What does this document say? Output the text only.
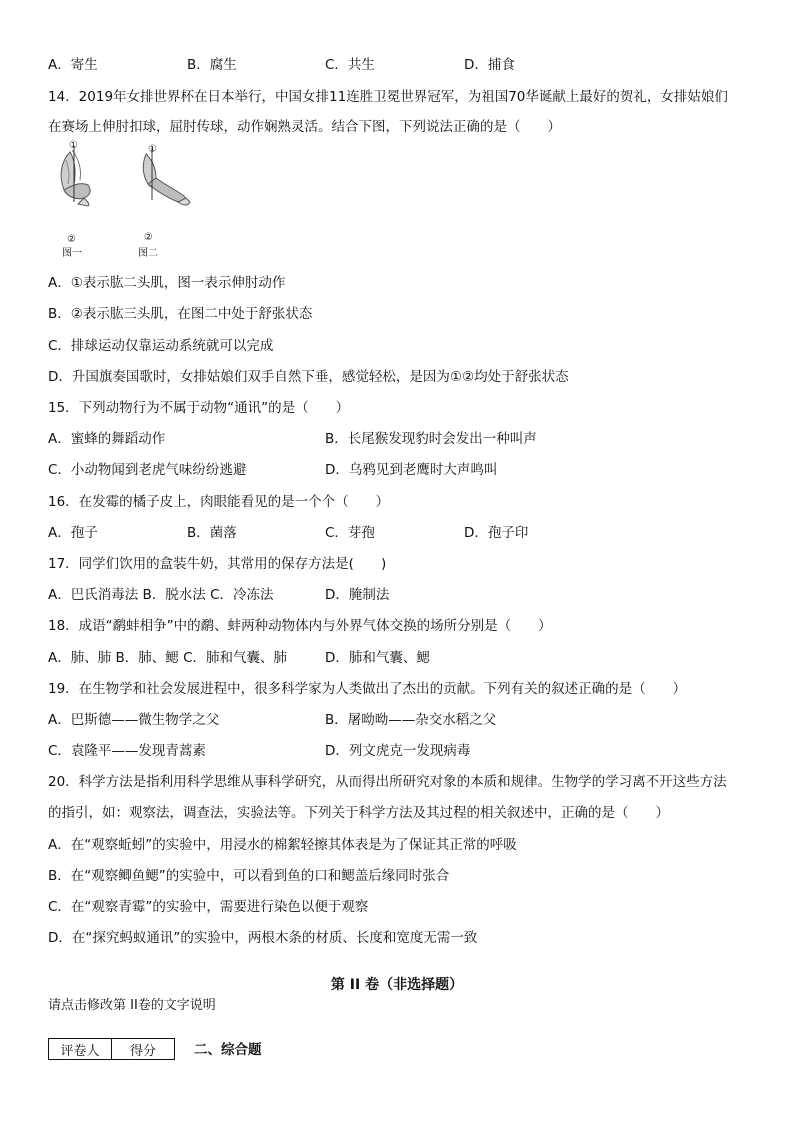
A．寄生	B．腐生	C．共生	D．捕食
14．2019年女排世界杯在日本举行，中国女排11连胜卫冕世界冠军，为祖国70华诞献上最好的贺礼，女排姑娘们
在赛场上伸肘扣球，屈肘传球，动作娴熟灵活。结合下图，下列说法正确的是（　　）
①
②
图一
①
②
图二
A．①表示肱二头肌，图一表示伸肘动作
B．②表示肱三头肌，在图二中处于舒张状态
C．排球运动仅靠运动系统就可以完成
D．升国旗奏国歌时，女排姑娘们双手自然下垂，感觉轻松，是因为①②均处于舒张状态
15．下列动物行为不属于动物“通讯”的是（　　）
A．蜜蜂的舞蹈动作	B．长尾猴发现豹时会发出一种叫声
C．小动物闻到老虎气味纷纷逃避	D．乌鸦见到老鹰时大声鸣叫
16．在发霉的橘子皮上，肉眼能看见的是一个个（　　）
A．孢子	B．菌落	C．芽孢	D．孢子印
17．同学们饮用的盒装牛奶，其常用的保存方法是(　　)
A．巴氏消毒法 B．脱水法 C．冷冻法	D．腌制法
18．成语“鹬蚌相争”中的鹬、蚌两种动物体内与外界气体交换的场所分别是（　　）
A．肺、肺 B．肺、鳃 C．肺和气囊、肺	D．肺和气囊、鳃
19．在生物学和社会发展进程中，很多科学家为人类做出了杰出的贡献。下列有关的叙述正确的是（　　）
A．巴斯德——微生物学之父	B．屠呦呦——杂交水稻之父
C．袁隆平——发现青蒿素	D．列文虎克一发现病毒
20．科学方法是指利用科学思维从事科学研究，从而得出所研究对象的本质和规律。生物学的学习离不开这些方法
的指引，如：观察法，调查法，实验法等。下列关于科学方法及其过程的相关叙述中，正确的是（　　）
A．在“观察蚯蚓”的实验中，用浸水的棉絮轻擦其体表是为了保证其正常的呼吸
B．在“观察鲫鱼鳃”的实验中，可以看到鱼的口和鳃盖后缘同时张合
C．在“观察青霉”的实验中，需要进行染色以便于观察
D．在“探究蚂蚁通讯”的实验中，两根木条的材质、长度和宽度无需一致
第 II 卷（非选择题）
请点击修改第 II卷的文字说明
评卷人	得分		二、综合题
